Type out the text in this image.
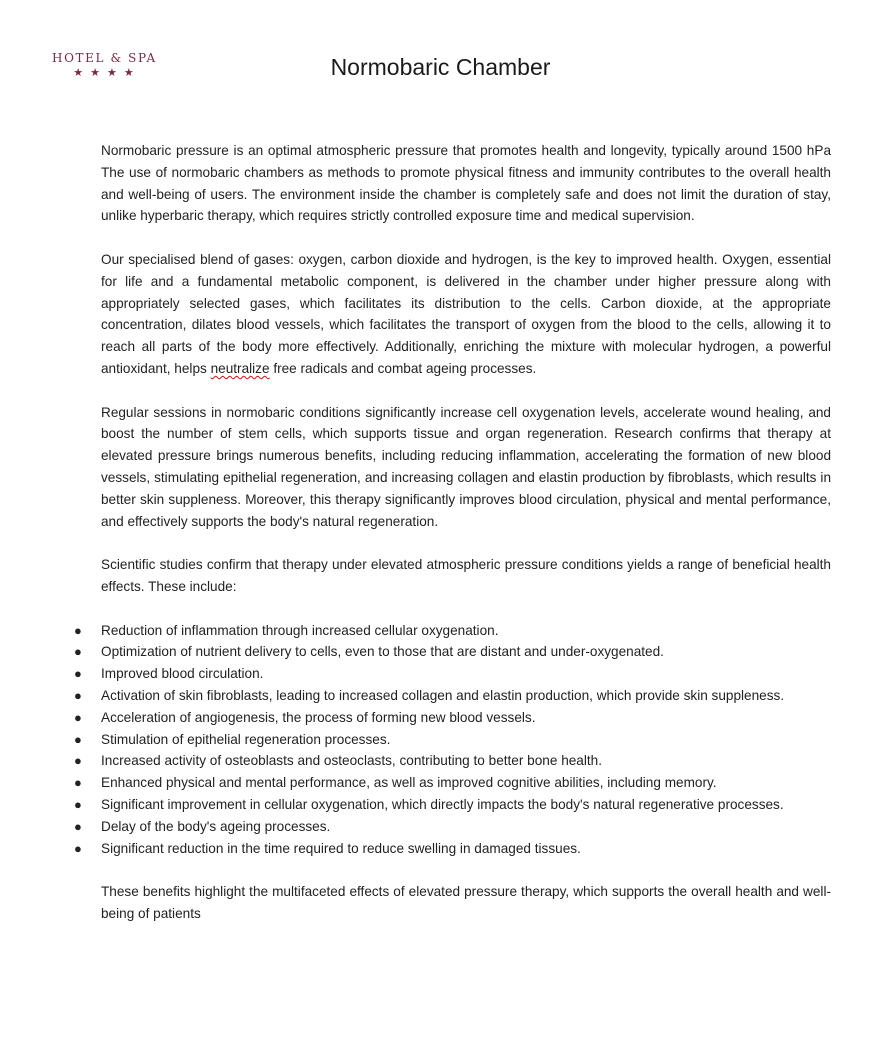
HOTEL & SPA
★★★★	Normobaric Chamber

Normobaric pressure is an optimal atmospheric pressure that promotes health and longevity, typically around 1500 hPa The use of normobaric chambers as methods to promote physical fitness and immunity contributes to the overall health and well-being of users. The environment inside the chamber is completely safe and does not limit the duration of stay, unlike hyperbaric therapy, which requires strictly controlled exposure time and medical supervision.

Our specialised blend of gases: oxygen, carbon dioxide and hydrogen, is the key to improved health. Oxygen, essential for life and a fundamental metabolic component, is delivered in the chamber under higher pressure along with appropriately selected gases, which facilitates its distribution to the cells. Carbon dioxide, at the appropriate concentration, dilates blood vessels, which facilitates the transport of oxygen from the blood to the cells, allowing it to reach all parts of the body more effectively. Additionally, enriching the mixture with molecular hydrogen, a powerful antioxidant, helps neutralize free radicals and combat ageing processes.

Regular sessions in normobaric conditions significantly increase cell oxygenation levels, accelerate wound healing, and boost the number of stem cells, which supports tissue and organ regeneration. Research confirms that therapy at elevated pressure brings numerous benefits, including reducing inflammation, accelerating the formation of new blood vessels, stimulating epithelial regeneration, and increasing collagen and elastin production by fibroblasts, which results in better skin suppleness. Moreover, this therapy significantly improves blood circulation, physical and mental performance, and effectively supports the body's natural regeneration.

Scientific studies confirm that therapy under elevated atmospheric pressure conditions yields a range of beneficial health effects. These include:

● Reduction of inflammation through increased cellular oxygenation.
● Optimization of nutrient delivery to cells, even to those that are distant and under-oxygenated.
● Improved blood circulation.
● Activation of skin fibroblasts, leading to increased collagen and elastin production, which provide skin suppleness.
● Acceleration of angiogenesis, the process of forming new blood vessels.
● Stimulation of epithelial regeneration processes.
● Increased activity of osteoblasts and osteoclasts, contributing to better bone health.
● Enhanced physical and mental performance, as well as improved cognitive abilities, including memory.
● Significant improvement in cellular oxygenation, which directly impacts the body's natural regenerative processes.
● Delay of the body's ageing processes.
● Significant reduction in the time required to reduce swelling in damaged tissues.

These benefits highlight the multifaceted effects of elevated pressure therapy, which supports the overall health and well-being of patients
